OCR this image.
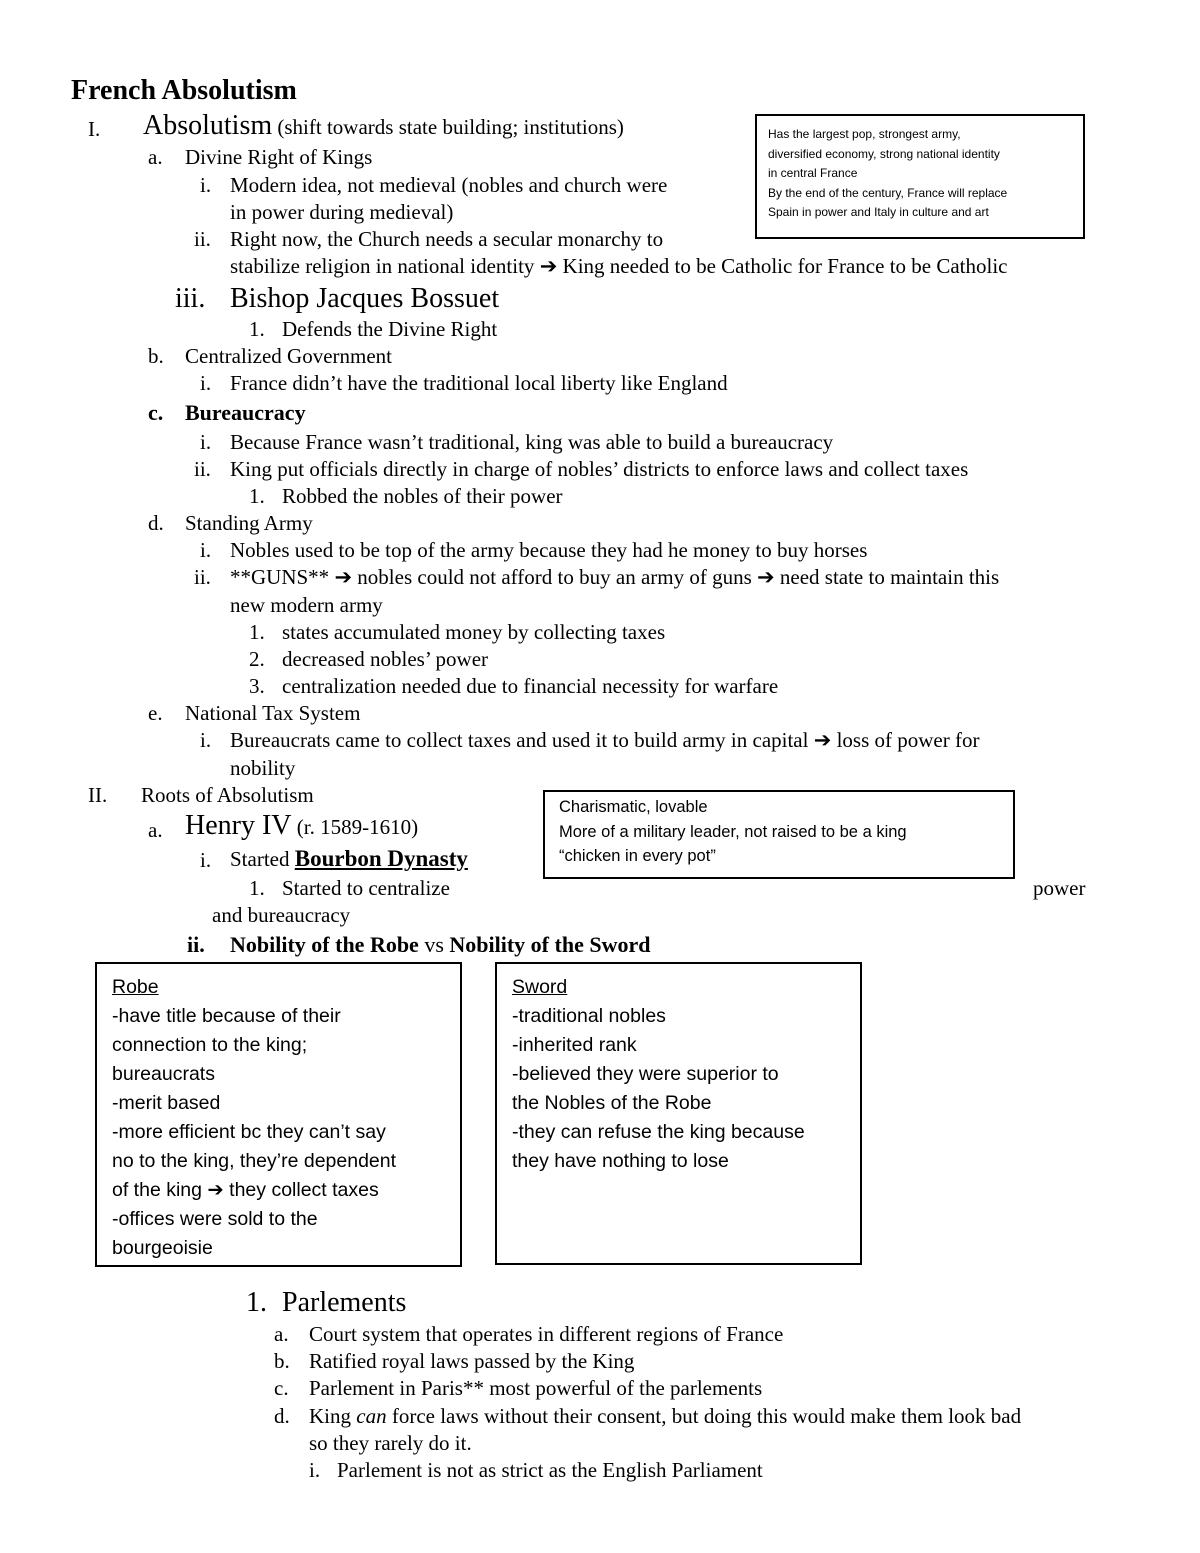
French Absolutism
I. Absolutism (shift towards state building; institutions)
a. Divine Right of Kings
i. Modern idea, not medieval (nobles and church were
in power during medieval)
ii. Right now, the Church needs a secular monarchy to
stabilize religion in national identity ➔ King needed to be Catholic for France to be Catholic
iii. Bishop Jacques Bossuet
1. Defends the Divine Right
b. Centralized Government
i. France didn’t have the traditional local liberty like England
c. Bureaucracy
i. Because France wasn’t traditional, king was able to build a bureaucracy
ii. King put officials directly in charge of nobles’ districts to enforce laws and collect taxes
1. Robbed the nobles of their power
d. Standing Army
i. Nobles used to be top of the army because they had he money to buy horses
ii. **GUNS** ➔ nobles could not afford to buy an army of guns ➔ need state to maintain this
new modern army
1. states accumulated money by collecting taxes
2. decreased nobles’ power
3. centralization needed due to financial necessity for warfare
e. National Tax System
i. Bureaucrats came to collect taxes and used it to build army in capital ➔ loss of power for
nobility
Has the largest pop, strongest army,
diversified economy, strong national identity
in central France
By the end of the century, France will replace
Spain in power and Italy in culture and art
II. Roots of Absolutism
a. Henry IV (r. 1589-1610)
i. Started Bourbon Dynasty
1. Started to centralize	power
and bureaucracy
ii. Nobility of the Robe vs Nobility of the Sword
Charismatic, lovable
More of a military leader, not raised to be a king
“chicken in every pot”
Robe
-have title because of their
connection to the king;
bureaucrats
-merit based
-more efficient bc they can’t say
no to the king, they’re dependent
of the king ➔ they collect taxes
-offices were sold to the
bourgeoisie
Sword
-traditional nobles
-inherited rank
-believed they were superior to
the Nobles of the Robe
-they can refuse the king because
they have nothing to lose
1. Parlements
a. Court system that operates in different regions of France
b. Ratified royal laws passed by the King
c. Parlement in Paris** most powerful of the parlements
d. King can force laws without their consent, but doing this would make them look bad
so they rarely do it.
i. Parlement is not as strict as the English Parliament
